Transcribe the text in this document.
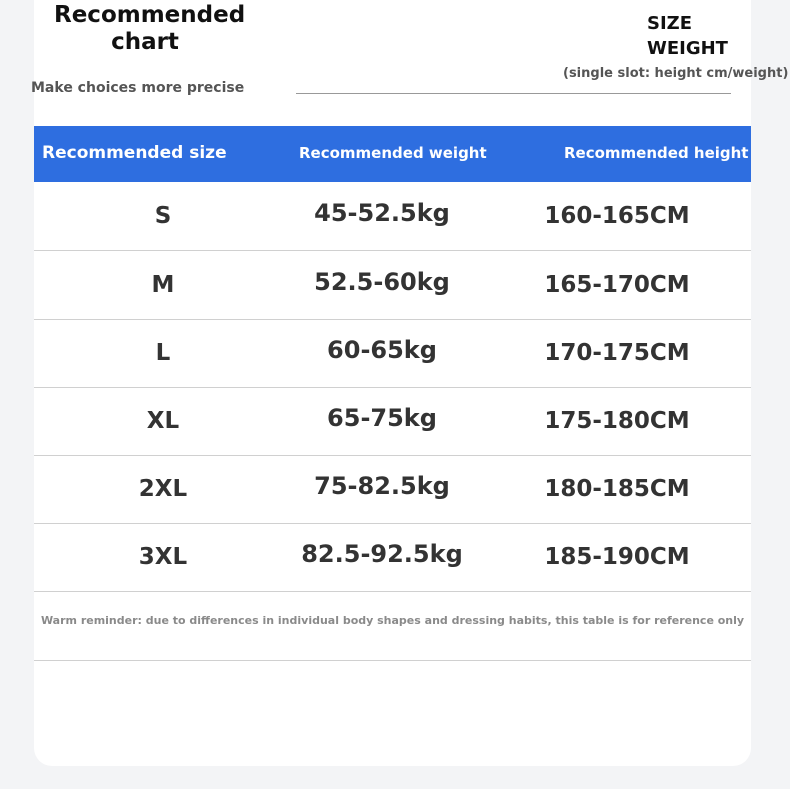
Recommended
chart
Make choices more precise
SIZE
WEIGHT
(single slot: height cm/weight)
Recommended size	Recommended weight	Recommended height
S	45-52.5kg	160-165CM
M	52.5-60kg	165-170CM
L	60-65kg	170-175CM
XL	65-75kg	175-180CM
2XL	75-82.5kg	180-185CM
3XL	82.5-92.5kg	185-190CM
Warm reminder: due to differences in individual body shapes and dressing habits, this table is for reference only
